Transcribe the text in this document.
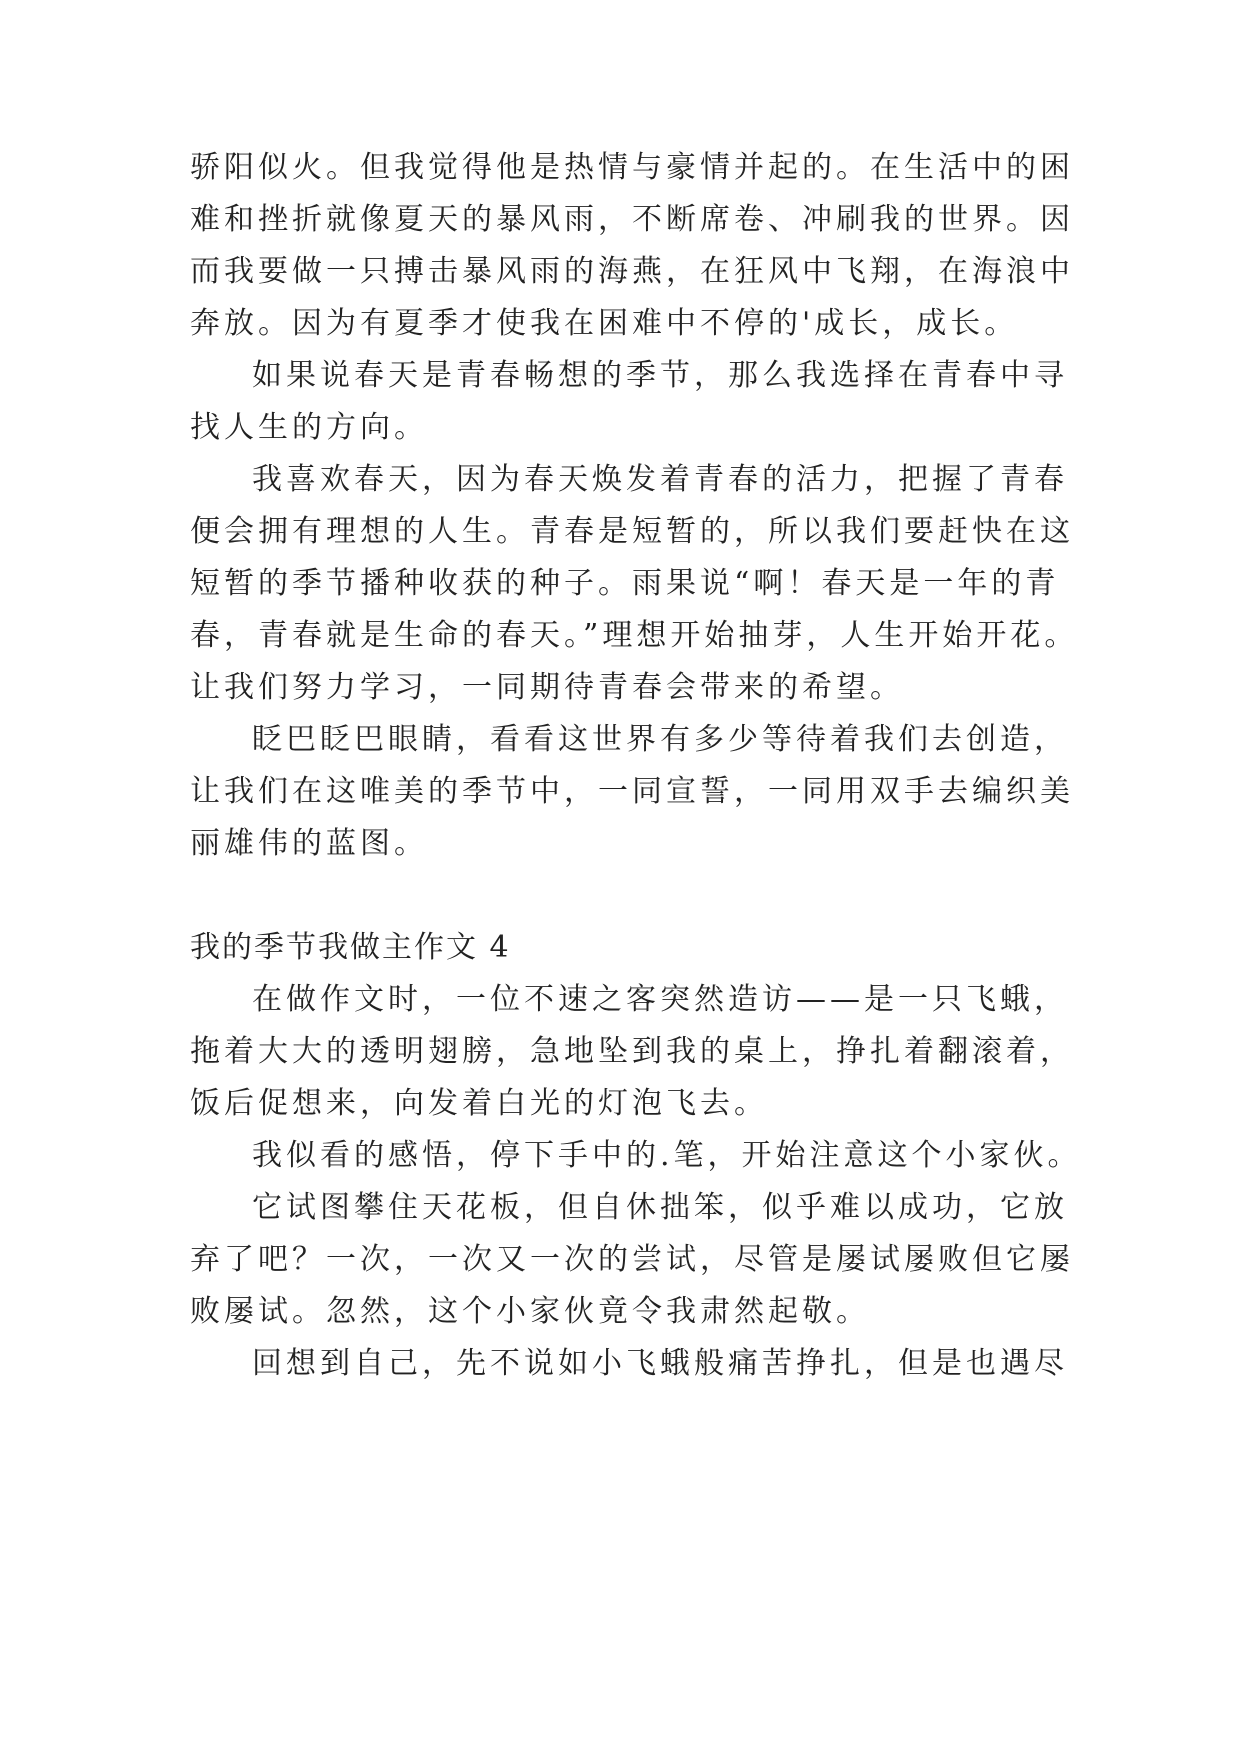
骄阳似火。但我觉得他是热情与豪情并起的。在生活中的困
难和挫折就像夏天的暴风雨，不断席卷、冲刷我的世界。因
而我要做一只搏击暴风雨的海燕，在狂风中飞翔，在海浪中
奔放。因为有夏季才使我在困难中不停的'成长，成长。
如果说春天是青春畅想的季节，那么我选择在青春中寻
找人生的方向。
我喜欢春天，因为春天焕发着青春的活力，把握了青春
便会拥有理想的人生。青春是短暂的，所以我们要赶快在这
短暂的季节播种收获的种子。雨果说“啊！春天是一年的青
春，青春就是生命的春天。”理想开始抽芽，人生开始开花。
让我们努力学习，一同期待青春会带来的希望。
眨巴眨巴眼睛，看看这世界有多少等待着我们去创造，
让我们在这唯美的季节中，一同宣誓，一同用双手去编织美
丽雄伟的蓝图。
我的季节我做主作文 4
在做作文时，一位不速之客突然造访——是一只飞蛾，
拖着大大的透明翅膀，急地坠到我的桌上，挣扎着翻滚着，
饭后促想来，向发着白光的灯泡飞去。
我似看的感悟，停下手中的.笔，开始注意这个小家伙。
它试图攀住天花板，但自休拙笨，似乎难以成功，它放
弃了吧？一次，一次又一次的尝试，尽管是屡试屡败但它屡
败屡试。忽然，这个小家伙竟令我肃然起敬。
回想到自己，先不说如小飞蛾般痛苦挣扎，但是也遇尽
